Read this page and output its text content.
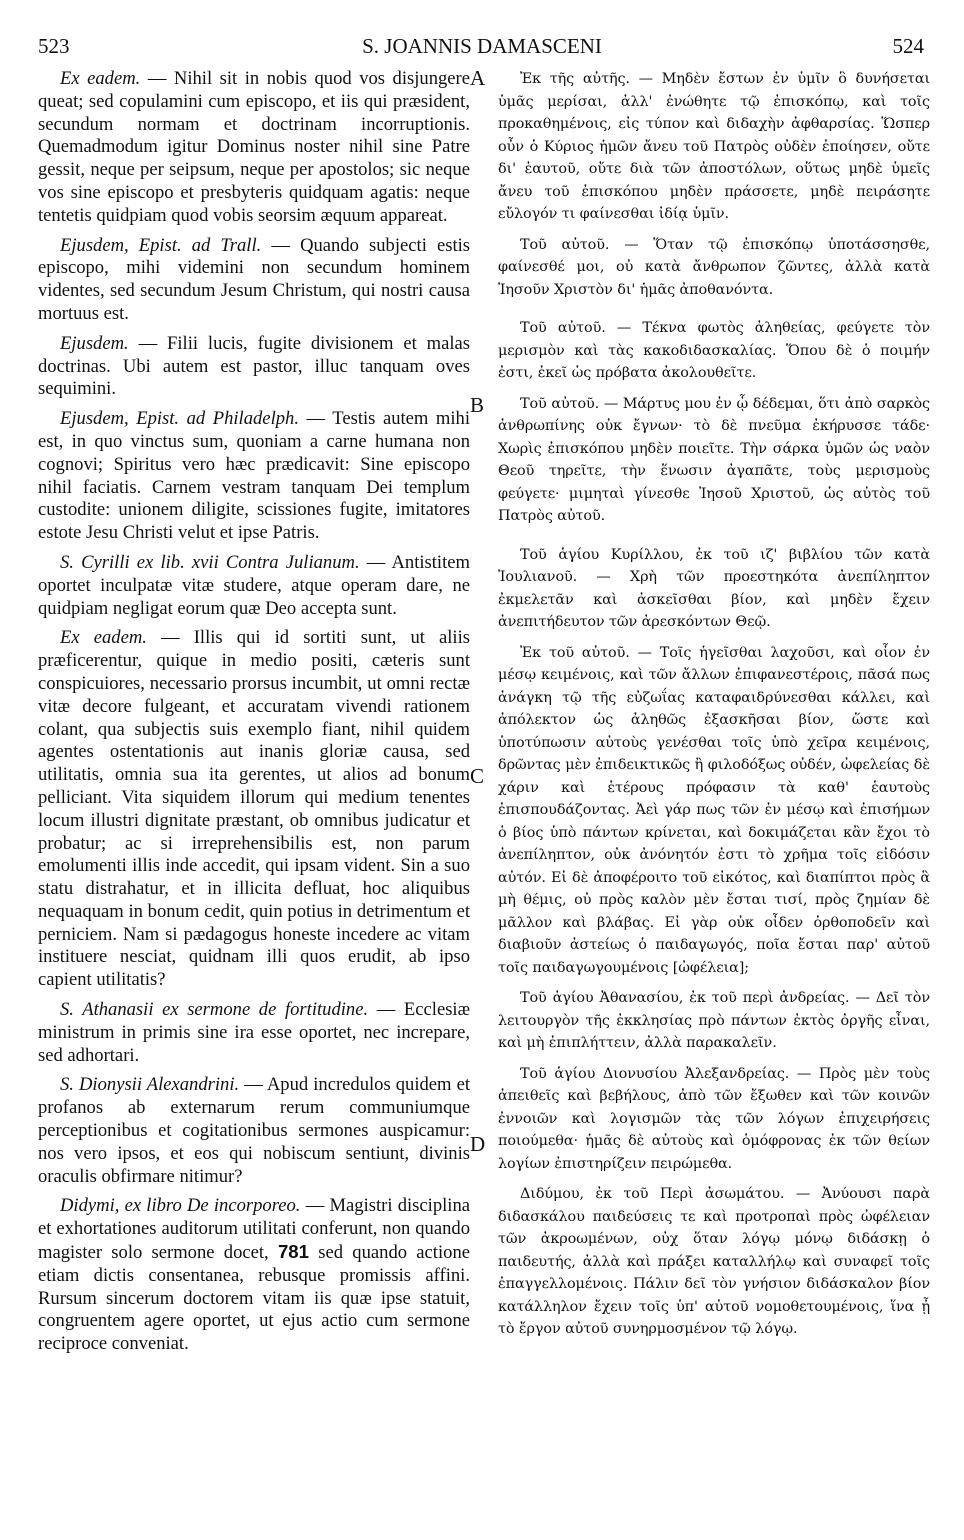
523	S. JOANNIS DAMASCENI	524
A
B
C
D

Ex eadem. — Nihil sit in nobis quod vos disjungere queat; sed copulamini cum episcopo, et iis qui præsident, secundum normam et doctrinam incorruptionis. Quemadmodum igitur Dominus noster nihil sine Patre gessit, neque per seipsum, neque per apostolos; sic neque vos sine episcopo et presbyteris quidquam agatis: neque tentetis quidpiam quod vobis seorsim æquum appareat.

Ejusdem, Epist. ad Trall. — Quando subjecti estis episcopo, mihi videmini non secundum hominem videntes, sed secundum Jesum Christum, qui nostri causa mortuus est.

Ejusdem. — Filii lucis, fugite divisionem et malas doctrinas. Ubi autem est pastor, illuc tanquam oves sequimini.

Ejusdem, Epist. ad Philadelph. — Testis autem mihi est, in quo vinctus sum, quoniam a carne humana non cognovi; Spiritus vero hæc prædicavit: Sine episcopo nihil faciatis. Carnem vestram tanquam Dei templum custodite: unionem diligite, scissiones fugite, imitatores estote Jesu Christi velut et ipse Patris.

S. Cyrilli ex lib. xvii Contra Julianum. — Antistitem oportet inculpatæ vitæ studere, atque operam dare, ne quidpiam negligat eorum quæ Deo accepta sunt.

Ex eadem. — Illis qui id sortiti sunt, ut aliis præficerentur, quique in medio positi, cæteris sunt conspicuiores, necessario prorsus incumbit, ut omni rectæ vitæ decore fulgeant, et accuratam vivendi rationem colant, qua subjectis suis exemplo fiant, nihil quidem agentes ostentationis aut inanis gloriæ causa, sed utilitatis, omnia sua ita gerentes, ut alios ad bonum pelliciant. Vita siquidem illorum qui medium tenentes locum illustri dignitate præstant, ob omnibus judicatur et probatur; ac si irreprehensibilis est, non parum emolumenti illis inde accedit, qui ipsam vident. Sin a suo statu distrahatur, et in illicita defluat, hoc aliquibus nequaquam in bonum cedit, quin potius in detrimentum et perniciem. Nam si pædagogus honeste incedere ac vitam instituere nesciat, quidnam illi quos erudit, ab ipso capient utilitatis?

S. Athanasii ex sermone de fortitudine. — Ecclesiæ ministrum in primis sine ira esse oportet, nec increpare, sed adhortari.

S. Dionysii Alexandrini. — Apud incredulos quidem et profanos ab externarum rerum communiumque perceptionibus et cogitationibus sermones auspicamur: nos vero ipsos, et eos qui nobiscum sentiunt, divinis oraculis obfirmare nitimur?

Didymi, ex libro De incorporeo. — Magistri disciplina et exhortationes auditorum utilitati conferunt, non quando magister solo sermone docet, 781 sed quando actione etiam dictis consentanea, rebusque promissis affini. Rursum sincerum doctorem vitam iis quæ ipse statuit, congruentem agere oportet, ut ejus actio cum sermone reciproce conveniat.

Ἐκ τῆς αὐτῆς. — Μηδὲν ἔστων ἐν ὑμῖν ὃ δυνήσεται ὑμᾶς μερίσαι, ἀλλ' ἐνώθητε τῷ ἐπισκόπῳ, καὶ τοῖς προκαθημένοις, εἰς τύπον καὶ διδαχὴν ἀφθαρσίας. Ὥσπερ οὖν ὁ Κύριος ἡμῶν ἄνευ τοῦ Πατρὸς οὐδὲν ἐποίησεν, οὔτε δι' ἑαυτοῦ, οὔτε διὰ τῶν ἀποστόλων, οὕτως μηδὲ ὑμεῖς ἄνευ τοῦ ἐπισκόπου μηδὲν πράσσετε, μηδὲ πειράσητε εὔλογόν τι φαίνεσθαι ἰδίᾳ ὑμῖν.

Τοῦ αὐτοῦ. — Ὅταν τῷ ἐπισκόπῳ ὑποτάσσησθε, φαίνεσθέ μοι, οὐ κατὰ ἄνθρωπον ζῶντες, ἀλλὰ κατὰ Ἰησοῦν Χριστὸν δι' ἡμᾶς ἀποθανόντα.

Τοῦ αὐτοῦ. — Τέκνα φωτὸς ἀληθείας, φεύγετε τὸν μερισμὸν καὶ τὰς κακοδιδασκαλίας. Ὅπου δὲ ὁ ποιμήν ἐστι, ἐκεῖ ὡς πρόβατα ἀκολουθεῖτε.

Τοῦ αὐτοῦ. — Μάρτυς μου ἐν ᾧ δέδεμαι, ὅτι ἀπὸ σαρκὸς ἀνθρωπίνης οὐκ ἔγνων· τὸ δὲ πνεῦμα ἐκήρυσσε τάδε· Χωρὶς ἐπισκόπου μηδὲν ποιεῖτε. Τὴν σάρκα ὑμῶν ὡς ναὸν Θεοῦ τηρεῖτε, τὴν ἕνωσιν ἀγαπᾶτε, τοὺς μερισμοὺς φεύγετε· μιμηταὶ γίνεσθε Ἰησοῦ Χριστοῦ, ὡς αὐτὸς τοῦ Πατρὸς αὐτοῦ.

Τοῦ ἁγίου Κυρίλλου, ἐκ τοῦ ιζ' βιβλίου τῶν κατὰ Ἰουλιανοῦ. — Χρὴ τῶν προεστηκότα ἀνεπίληπτον ἐκμελετᾶν καὶ ἀσκεῖσθαι βίον, καὶ μηδὲν ἔχειν ἀνεπιτήδευτον τῶν ἀρεσκόντων Θεῷ.

Ἐκ τοῦ αὐτοῦ. — Τοῖς ἡγεῖσθαι λαχοῦσι, καὶ οἷον ἐν μέσῳ κειμένοις, καὶ τῶν ἄλλων ἐπιφανεστέροις, πᾶσά πως ἀνάγκη τῷ τῆς εὐζωΐας καταφαιδρύνεσθαι κάλλει, καὶ ἀπόλεκτον ὡς ἀληθῶς ἐξασκῆσαι βίον, ὥστε καὶ ὑποτύπωσιν αὐτοὺς γενέσθαι τοῖς ὑπὸ χεῖρα κειμένοις, δρῶντας μὲν ἐπιδεικτικῶς ἢ φιλοδόξως οὐδέν, ὠφελείας δὲ χάριν καὶ ἑτέρους πρόφασιν τὰ καθ' ἑαυτοὺς ἐπισπουδάζοντας. Ἀεὶ γάρ πως τῶν ἐν μέσῳ καὶ ἐπισήμων ὁ βίος ὑπὸ πάντων κρίνεται, καὶ δοκιμάζεται κἂν ἔχοι τὸ ἀνεπίληπτον, οὐκ ἀνόνητόν ἐστι τὸ χρῆμα τοῖς εἰδόσιν αὐτόν. Εἰ δὲ ἀποφέροιτο τοῦ εἰκότος, καὶ διαπίπτοι πρὸς ἃ μὴ θέμις, οὐ πρὸς καλὸν μὲν ἔσται τισί, πρὸς ζημίαν δὲ μᾶλλον καὶ βλάβας. Εἰ γὰρ οὐκ οἶδεν ὀρθοποδεῖν καὶ διαβιοῦν ἀστείως ὁ παιδαγωγός, ποῖα ἔσται παρ' αὐτοῦ τοῖς παιδαγωγουμένοις [ὠφέλεια];

Τοῦ ἁγίου Ἀθανασίου, ἐκ τοῦ περὶ ἀνδρείας. — Δεῖ τὸν λειτουργὸν τῆς ἐκκλησίας πρὸ πάντων ἐκτὸς ὀργῆς εἶναι, καὶ μὴ ἐπιπλήττειν, ἀλλὰ παρακαλεῖν.

Τοῦ ἁγίου Διονυσίου Ἀλεξανδρείας. — Πρὸς μὲν τοὺς ἀπειθεῖς καὶ βεβήλους, ἀπὸ τῶν ἔξωθεν καὶ τῶν κοινῶν ἐννοιῶν καὶ λογισμῶν τὰς τῶν λόγων ἐπιχειρήσεις ποιούμεθα· ἡμᾶς δὲ αὐτοὺς καὶ ὁμόφρονας ἐκ τῶν θείων λογίων ἐπιστηρίζειν πειρώμεθα.

Διδύμου, ἐκ τοῦ Περὶ ἀσωμάτου. — Ἀνύουσι παρὰ διδασκάλου παιδεύσεις τε καὶ προτροπαὶ πρὸς ὠφέλειαν τῶν ἀκροωμένων, οὐχ ὅταν λόγῳ μόνῳ διδάσκῃ ὁ παιδευτής, ἀλλὰ καὶ πράξει καταλλήλῳ καὶ συναφεῖ τοῖς ἐπαγγελλομένοις. Πάλιν δεῖ τὸν γνήσιον διδάσκαλον βίον κατάλληλον ἔχειν τοῖς ὑπ' αὐτοῦ νομοθετουμένοις, ἵνα ᾖ τὸ ἔργον αὐτοῦ συνηρμοσμένον τῷ λόγῳ.
